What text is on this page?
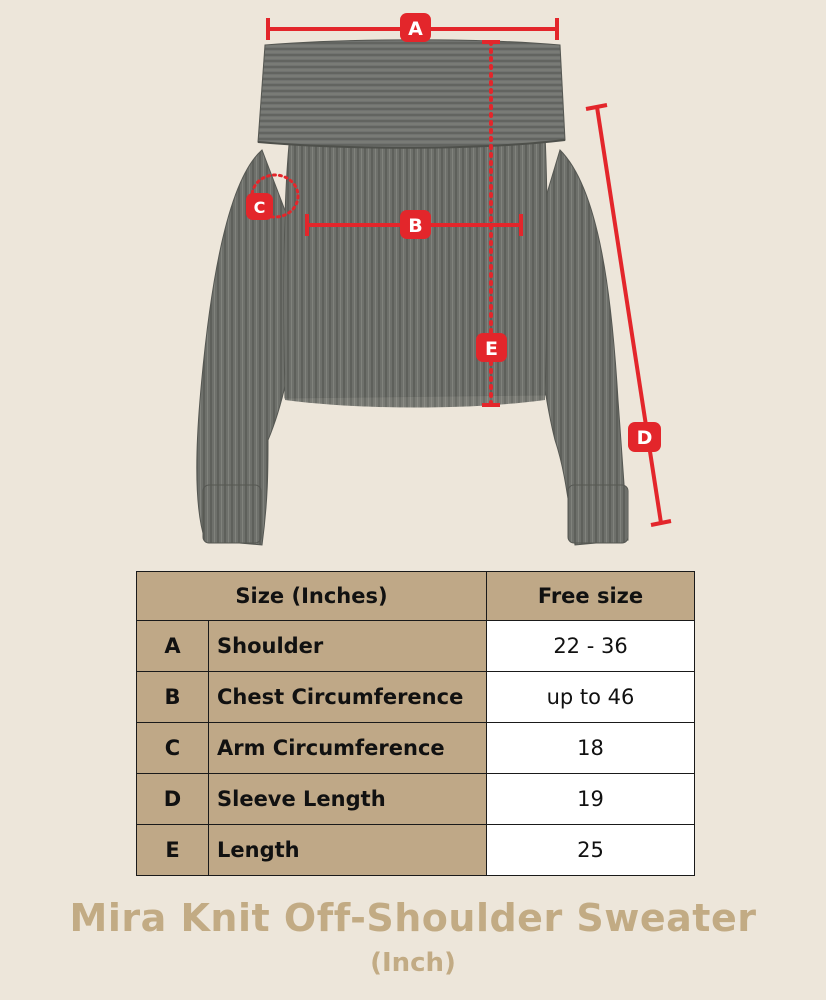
A
E
B
C
D
Size (Inches)		Free size
A	Shoulder	22 - 36
B	Chest Circumference	up to 46
C	Arm Circumference	18
D	Sleeve Length	19
E	Length	25
Mira Knit Off-Shoulder Sweater
(Inch)
